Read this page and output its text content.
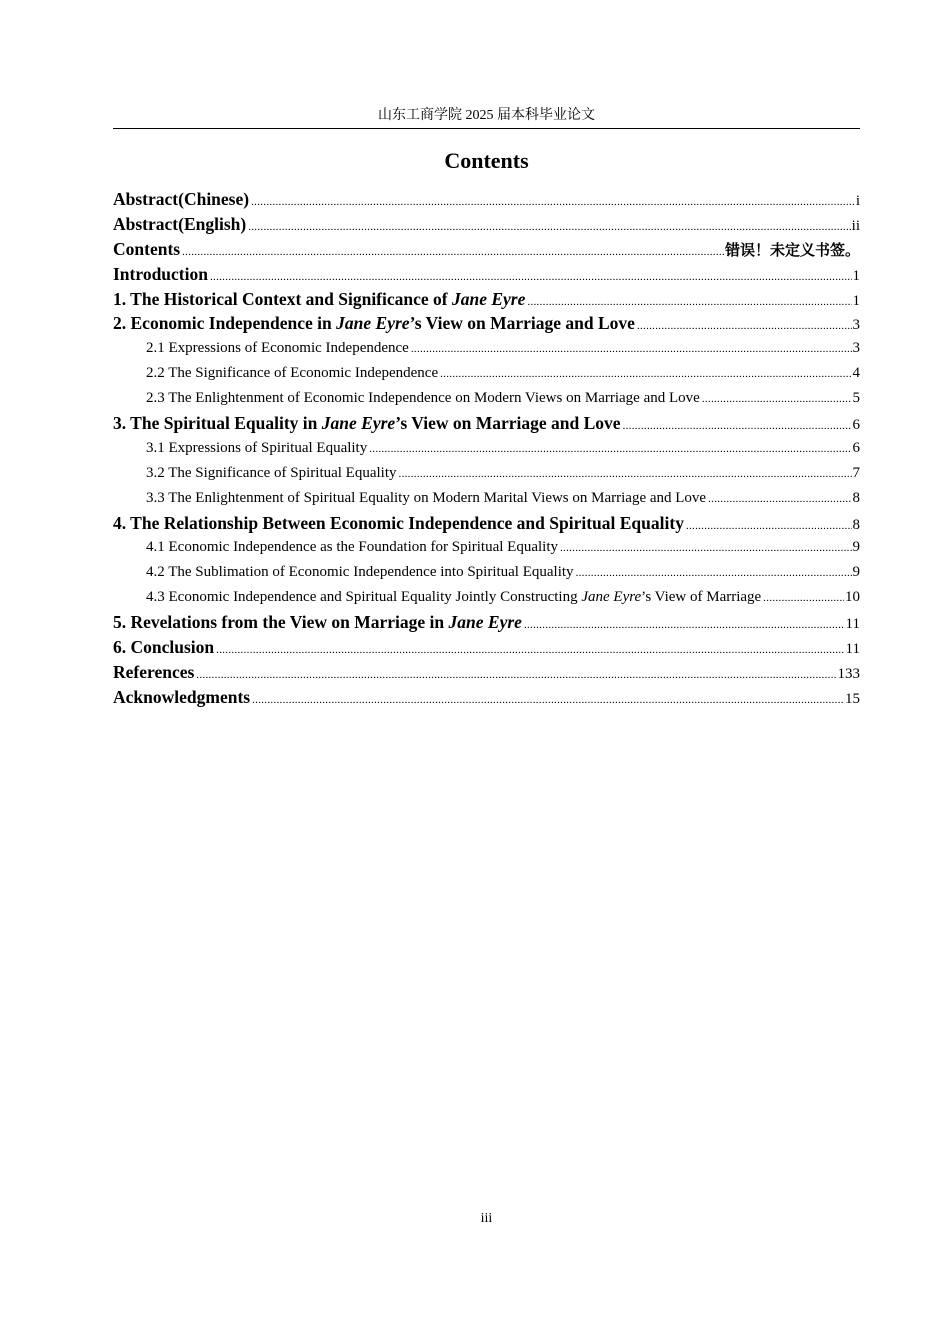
山东工商学院 2025 届本科毕业论文
Contents
Abstract(Chinese) .....	i
Abstract(English) .....	ii
Contents .....	错误！未定义书签。
Introduction .....	1
1. The Historical Context and Significance of Jane Eyre .....	1
2. Economic Independence in Jane Eyre’s View on Marriage and Love .....	3
2.1 Expressions of Economic Independence .....	3
2.2 The Significance of Economic Independence .....	4
2.3 The Enlightenment of Economic Independence on Modern Views on Marriage and Love .....	5
3. The Spiritual Equality in Jane Eyre’s View on Marriage and Love .....	6
3.1 Expressions of Spiritual Equality .....	6
3.2 The Significance of Spiritual Equality .....	7
3.3 The Enlightenment of Spiritual Equality on Modern Marital Views on Marriage and Love .....	8
4. The Relationship Between Economic Independence and Spiritual Equality .....	8
4.1 Economic Independence as the Foundation for Spiritual Equality .....	9
4.2 The Sublimation of Economic Independence into Spiritual Equality .....	9
4.3 Economic Independence and Spiritual Equality Jointly Constructing Jane Eyre’s View of Marriage .....	10
5. Revelations from the View on Marriage in Jane Eyre .....	11
6. Conclusion .....	11
References .....	133
Acknowledgments .....	15
iii
